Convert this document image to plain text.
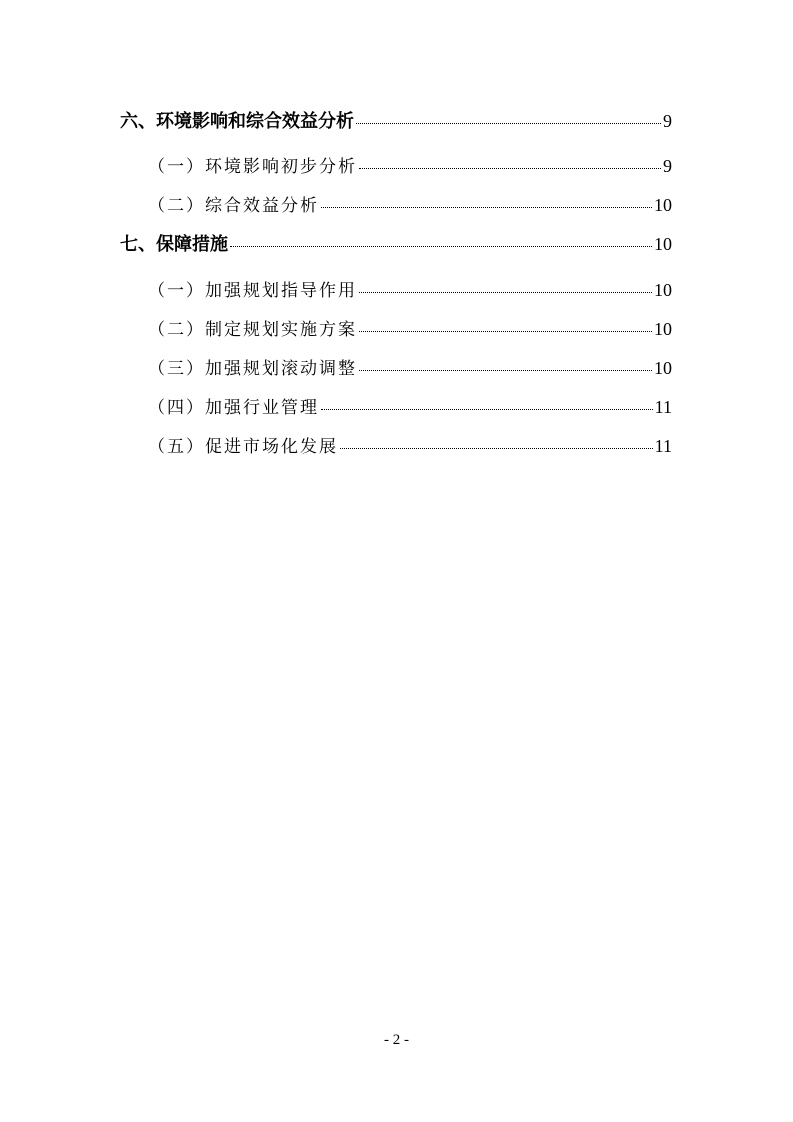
六、环境影响和综合效益分析	9
（一）环境影响初步分析	9
（二）综合效益分析	10
七、保障措施	10
（一）加强规划指导作用	10
（二）制定规划实施方案	10
（三）加强规划滚动调整	10
（四）加强行业管理	11
（五）促进市场化发展	11
- 2 -
